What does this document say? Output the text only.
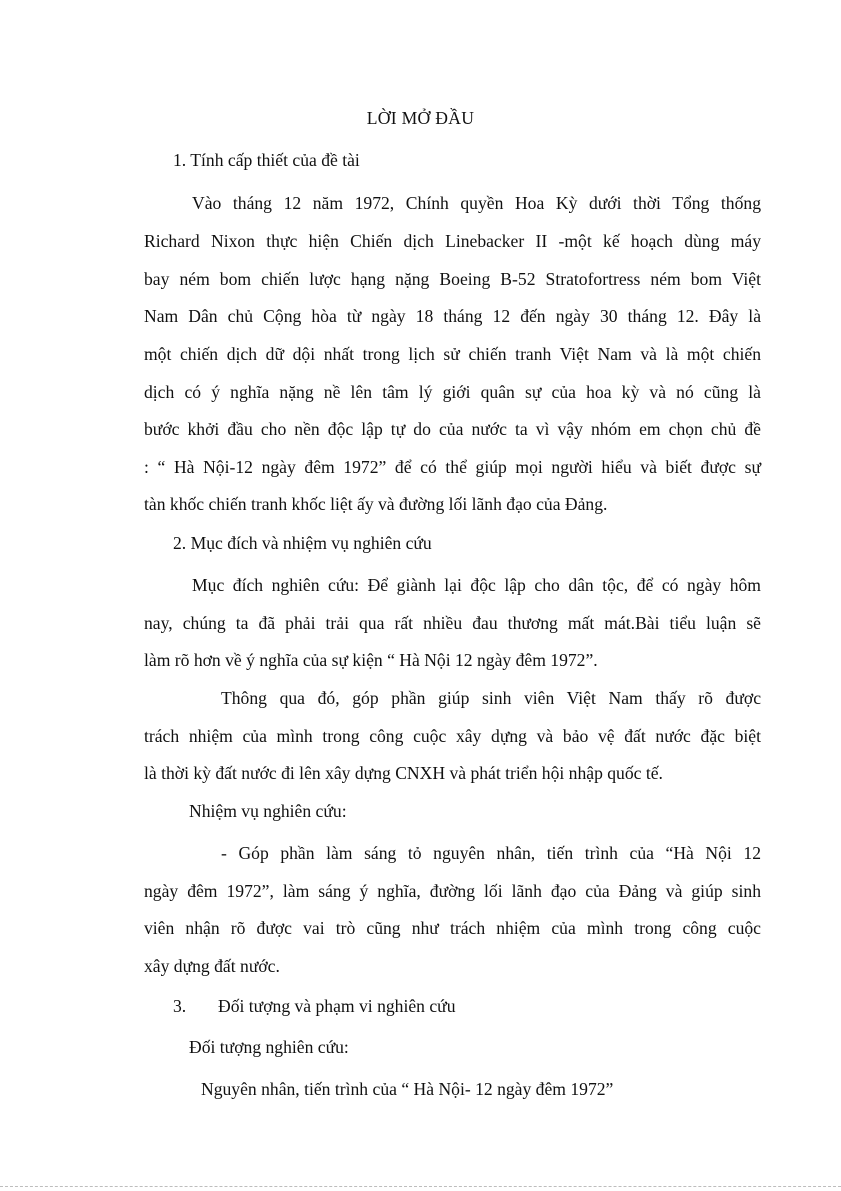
LỜI MỞ ĐẦU
1. Tính cấp thiết của đề tài
Vào tháng 12 năm 1972, Chính quyền Hoa Kỳ dưới thời Tổng thống
Richard Nixon thực hiện Chiến dịch Linebacker II -một kế hoạch dùng máy
bay ném bom chiến lược hạng nặng Boeing B-52 Stratofortress ném bom Việt
Nam Dân chủ Cộng hòa từ ngày 18 tháng 12 đến ngày 30 tháng 12. Đây là
một chiến dịch dữ dội nhất trong lịch sử chiến tranh Việt Nam và là một chiến
dịch có ý nghĩa nặng nề lên tâm lý giới quân sự của hoa kỳ và nó cũng là
bước khởi đầu cho nền độc lập tự do của nước ta vì vậy nhóm em chọn chủ đề
: “ Hà Nội-12 ngày đêm 1972” để có thể giúp mọi người hiểu và biết được sự
tàn khốc chiến tranh khốc liệt ấy và đường lối lãnh đạo của Đảng.
2. Mục đích và nhiệm vụ nghiên cứu
Mục đích nghiên cứu: Để giành lại độc lập cho dân tộc, để có ngày hôm
nay, chúng ta đã phải trải qua rất nhiều đau thương mất mát.Bài tiểu luận sẽ
làm rõ hơn về ý nghĩa của sự kiện “ Hà Nội 12 ngày đêm 1972”.
Thông qua đó, góp phần giúp sinh viên Việt Nam thấy rõ được
trách nhiệm của mình trong công cuộc xây dựng và bảo vệ đất nước đặc biệt
là thời kỳ đất nước đi lên xây dựng CNXH và phát triển hội nhập quốc tế.
Nhiệm vụ nghiên cứu:
- Góp phần làm sáng tỏ nguyên nhân, tiến trình của “Hà Nội 12
ngày đêm 1972”, làm sáng ý nghĩa, đường lối lãnh đạo của Đảng và giúp sinh
viên nhận rõ được vai trò cũng như trách nhiệm của mình trong công cuộc
xây dựng đất nước.
3. Đối tượng và phạm vi nghiên cứu
Đối tượng nghiên cứu:
Nguyên nhân, tiến trình của “ Hà Nội- 12 ngày đêm 1972”
